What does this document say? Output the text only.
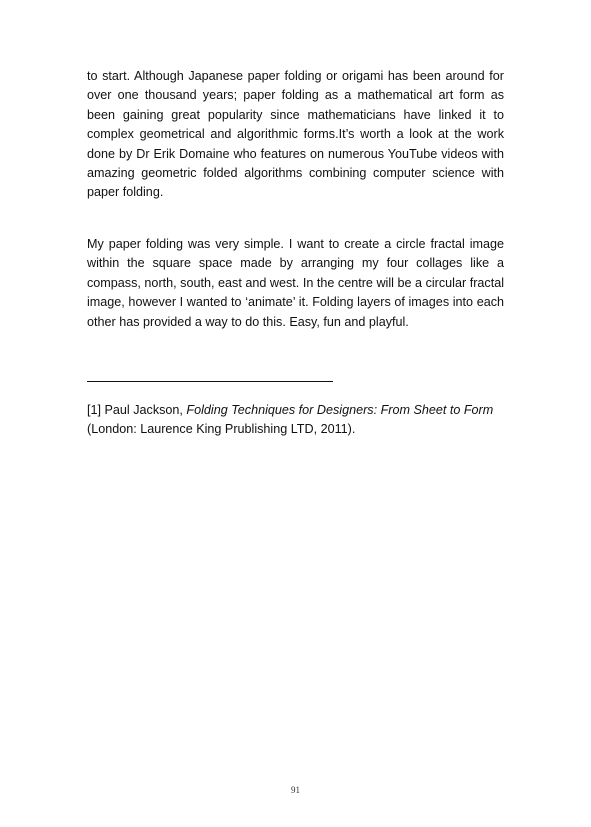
to start. Although Japanese paper folding or origami has been around for over one thousand years; paper folding as a mathematical art form as been gaining great popularity since mathematicians have linked it to complex geometrical and algorithmic forms.It’s worth a look at the work done by Dr Erik Domaine who features on numerous YouTube videos with amazing geometric folded algorithms combining computer science with paper folding.

My paper folding was very simple. I want to create a circle fractal image within the square space made by arranging my four collages like a compass, north, south, east and west. In the centre will be a circular fractal image, however I wanted to ‘animate’ it. Folding layers of images into each other has provided a way to do this. Easy, fun and playful.

[1] Paul Jackson, Folding Techniques for Designers: From Sheet to Form (London: Laurence King Prublishing LTD, 2011).

91
